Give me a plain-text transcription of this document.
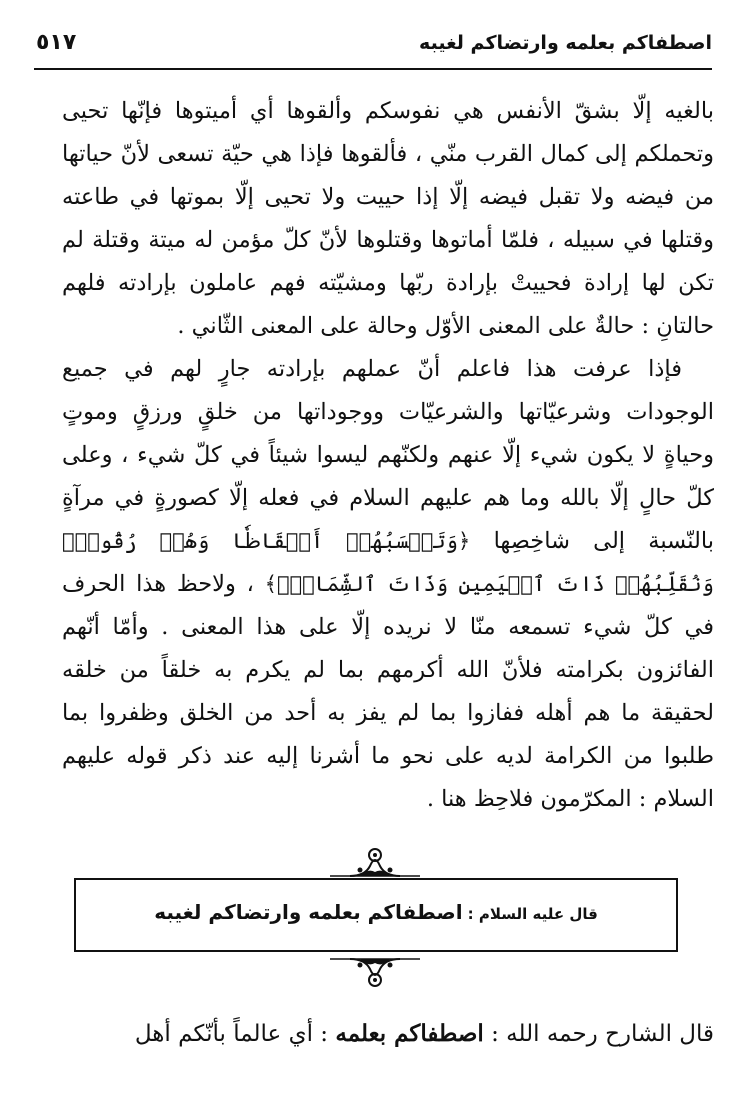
اصطفاكم بعلمه وارتضاكم لغيبه
٥١٧

بالغيه إلّا بشقّ الأنفس هي نفوسكم وألقوها أي أميتوها فإنّها تحيى وتحملكم إلى كمال القرب منّي ، فألقوها فإذا هي حيّة تسعى لأنّ حياتها من فيضه ولا تقبل فيضه إلّا إذا حييت ولا تحيى إلّا بموتها في طاعته وقتلها في سبيله ، فلمّا أماتوها وقتلوها لأنّ كلّ مؤمن له ميتة وقتلة لم تكن لها إرادة فحييتْ بإرادة ربّها ومشيّته فهم عاملون بإرادته فلهم حالتانِ : حالةٌ على المعنى الأوّل وحالة على المعنى الثّاني .

فإذا عرفت هذا فاعلم أنّ عملهم بإرادته جارٍ لهم في جميع الوجودات وشرعيّاتها والشرعيّات ووجوداتها من خلقٍ ورزقٍ وموتٍ وحياةٍ لا يكون شيء إلّا عنهم ولكنّهم ليسوا شيئاً في كلّ شيء ، وعلى كلّ حالٍ إلّا بالله وما هم عليهم السلام في فعله إلّا كصورةٍ في مرآةٍ بالنّسبة إلى شاخِصِها ﴿وَتَحۡسَبُهُمۡ أَيۡقَاظٗا وَهُمۡ رُقُودٞۚ وَنُقَلِّبُهُمۡ ذَاتَ ٱلۡيَمِينِ وَذَاتَ ٱلشِّمَالِۖ﴾ ، ولاحظ هذا الحرف في كلّ شيء تسمعه منّا لا نريده إلّا على هذا المعنى . وأمّا أنّهم الفائزون بكرامته فلأنّ الله أكرمهم بما لم يكرم به خلقاً من خلقه لحقيقة ما هم أهله ففازوا بما لم يفز به أحد من الخلق وظفروا بما طلبوا من الكرامة لديه على نحو ما أشرنا إليه عند ذكر قوله عليهم السلام : المكرّمون فلاحِظ هنا .

قال عليه السلام : اصطفاكم بعلمه وارتضاكم لغيبه
قال الشارح رحمه الله : اصطفاكم بعلمه : أي عالماً بأنّكم أهل
